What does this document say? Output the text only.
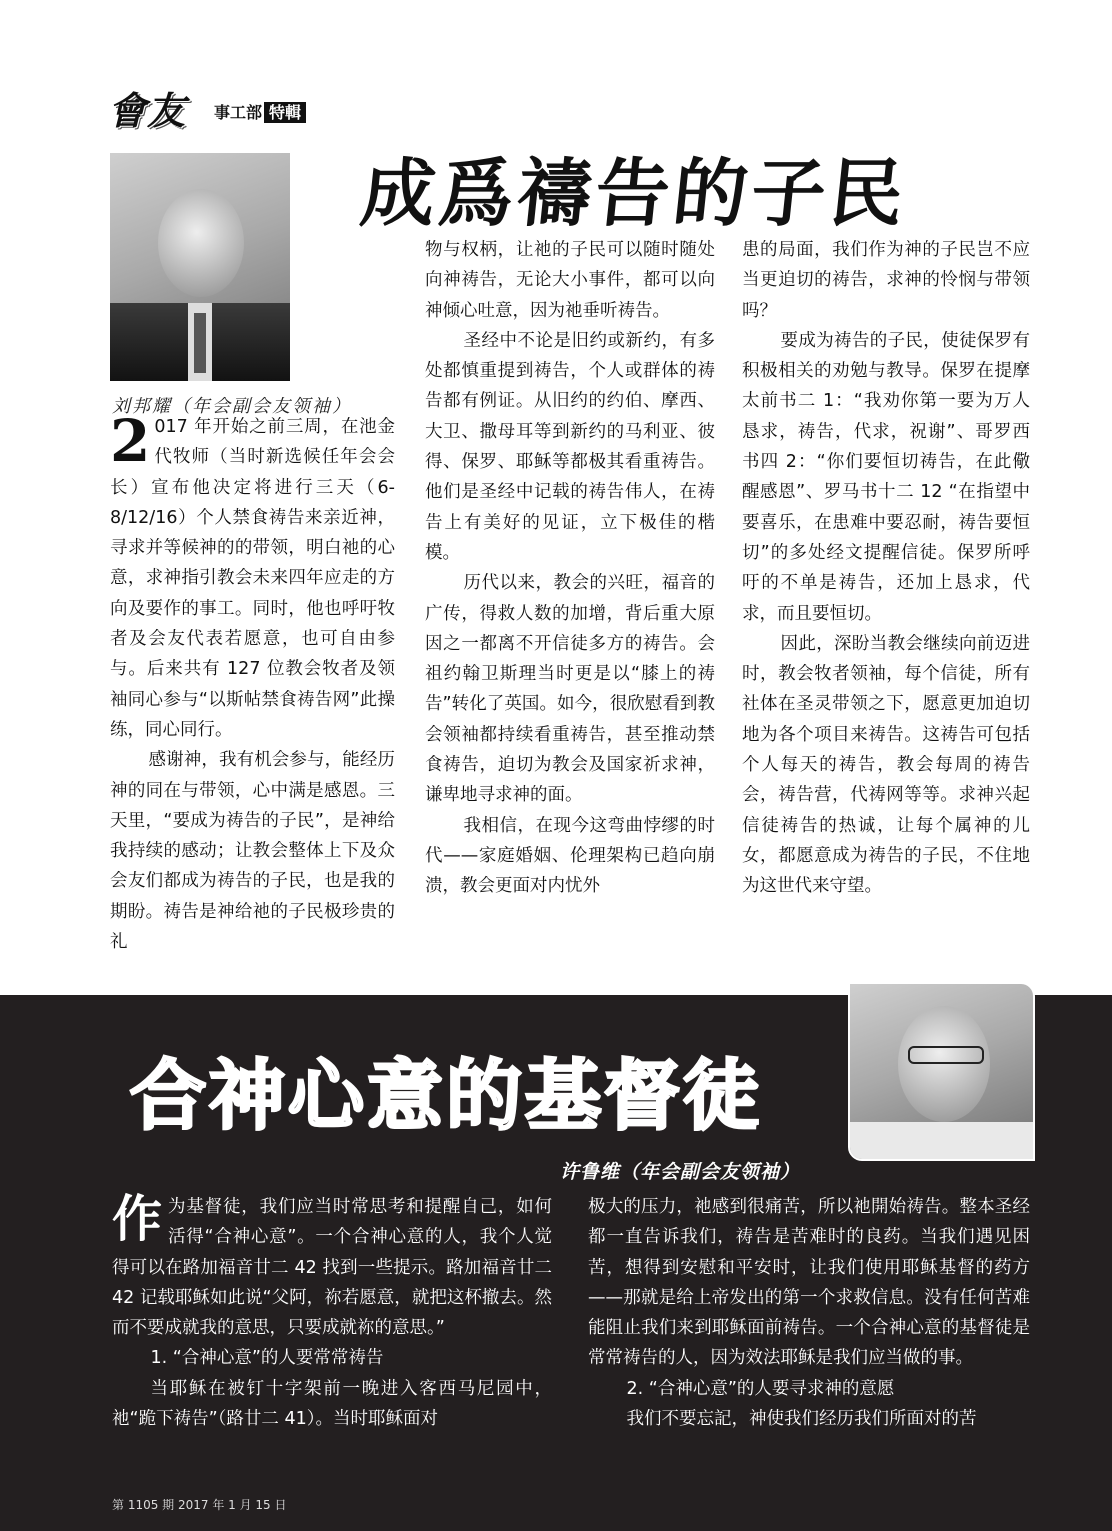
會友 事工部 特輯
成爲禱告的子民
刘邦耀（年会副会友领袖）

2 017 年开始之前三周，在池金代牧师（当时新选候任年会会长）宣布他决定将进行三天（6-8/12/16）个人禁食祷告来亲近神，寻求并等候神的的带领，明白祂的心意，求神指引教会未来四年应走的方向及要作的事工。同时，他也呼吁牧者及会友代表若愿意，也可自由参与。后来共有 127 位教会牧者及领袖同心参与“以斯帖禁食祷告网”此操练，同心同行。

感谢神，我有机会参与，能经历神的同在与带领，心中满是感恩。三天里，“要成为祷告的子民”，是神给我持续的感动；让教会整体上下及众会友们都成为祷告的子民，也是我的期盼。祷告是神给祂的子民极珍贵的礼

物与权柄，让祂的子民可以随时随处向神祷告，无论大小事件，都可以向神倾心吐意，因为祂垂听祷告。

圣经中不论是旧约或新约，有多处都慎重提到祷告，个人或群体的祷告都有例证。从旧约的约伯、摩西、大卫、撒母耳等到新约的马利亚、彼得、保罗、耶稣等都极其看重祷告。他们是圣经中记载的祷告伟人，在祷告上有美好的见证，立下极佳的楷模。

历代以来，教会的兴旺，福音的广传，得救人数的加增，背后重大原因之一都离不开信徒多方的祷告。会祖约翰卫斯理当时更是以“膝上的祷告”转化了英国。如今，很欣慰看到教会领袖都持续看重祷告，甚至推动禁食祷告，迫切为教会及国家祈求神，谦卑地寻求神的面。

我相信，在现今这弯曲悖缪的时代——家庭婚姻、伦理架构已趋向崩溃，教会更面对内忧外

患的局面，我们作为神的子民岂不应当更迫切的祷告，求神的怜悯与带领吗？

要成为祷告的子民，使徒保罗有积极相关的劝勉与教导。保罗在提摩太前书二 1：“我劝你第一要为万人恳求，祷告，代求，祝谢”、哥罗西书四 2：“你们要恒切祷告，在此儆醒感恩”、罗马书十二 12 “在指望中要喜乐，在患难中要忍耐，祷告要恒切”的多处经文提醒信徒。保罗所呼吁的不单是祷告，还加上恳求，代求，而且要恒切。

因此，深盼当教会继续向前迈进时，教会牧者领袖，每个信徒，所有社体在圣灵带领之下，愿意更加迫切地为各个项目来祷告。这祷告可包括个人每天的祷告，教会每周的祷告会，祷告营，代祷网等等。求神兴起信徒祷告的热诚，让每个属神的儿女，都愿意成为祷告的子民，不住地为这世代来守望。

合神心意的基督徒
许鲁维（年会副会友领袖）

作为基督徒，我们应当时常思考和提醒自己，如何活得“合神心意”。一个合神心意的人，我个人觉得可以在路加福音廿二 42 找到一些提示。路加福音廿二 42 记载耶稣如此说“父阿，祢若愿意，就把这杯撤去。然而不要成就我的意思，只要成就祢的意思。”

1. “合神心意”的人要常常祷告

当耶稣在被钉十字架前一晚进入客西马尼园中，祂“跪下祷告”（路廿二 41）。当时耶稣面对

极大的压力，祂感到很痛苦，所以祂開始祷告。整本圣经都一直告诉我们，祷告是苦难时的良药。当我们遇见困苦，想得到安慰和平安时，让我们使用耶稣基督的药方——那就是给上帝发出的第一个求救信息。没有任何苦难能阻止我们来到耶稣面前祷告。一个合神心意的基督徒是常常祷告的人，因为效法耶稣是我们应当做的事。

2. “合神心意”的人要寻求神的意愿

我们不要忘記，神使我们经历我们所面对的苦

第 1105 期 2017 年 1 月 15 日
